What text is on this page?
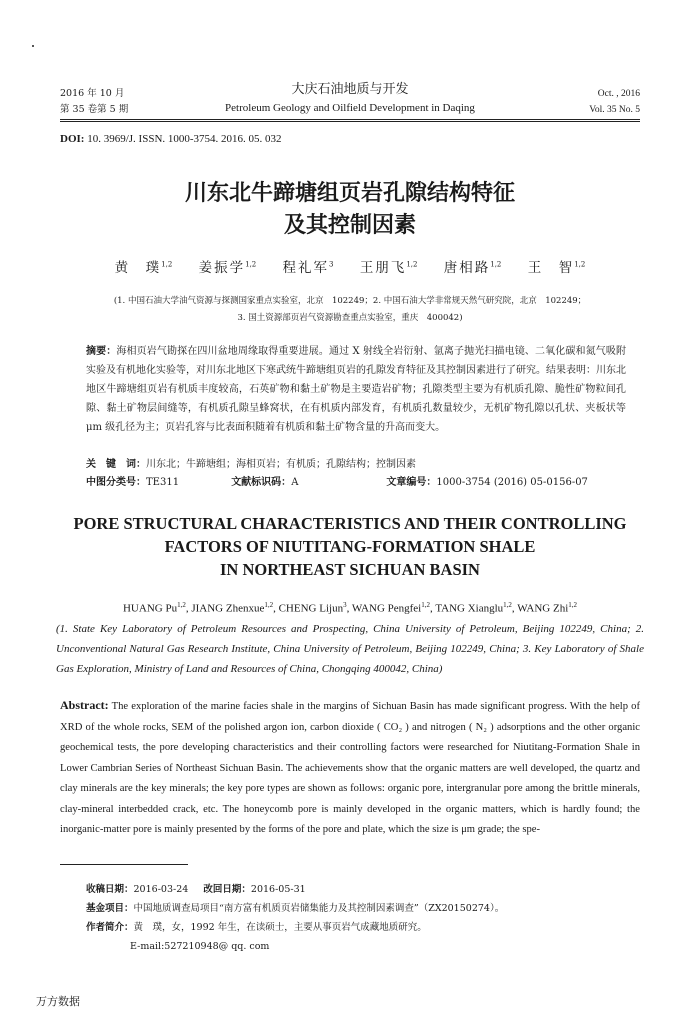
2016 年 10 月
第 35 卷第 5 期
大庆石油地质与开发
Petroleum Geology and Oilfield Development in Daqing
Oct. , 2016
Vol. 35 No. 5
DOI: 10. 3969/J. ISSN. 1000-3754. 2016. 05. 032
川东北牛蹄塘组页岩孔隙结构特征
及其控制因素
黄　璞$^{1,2}$ 姜振学$^{1,2}$ 程礼军$^3$ 王朋飞$^{1,2}$ 唐相路$^{1,2}$ 王　智$^{1,2}$
(1. 中国石油大学油气资源与探测国家重点实验室，北京　102249；2. 中国石油大学非常规天然气研究院，北京　102249；
3. 国土资源部页岩气资源勘查重点实验室，重庆　400042)
摘要：海相页岩气勘探在四川盆地周缘取得重要进展。通过 X 射线全岩衍射、氩离子抛光扫描电镜、二氧化碳和氮气吸附实验及有机地化实验等，对川东北地区下寒武统牛蹄塘组页岩的孔隙发育特征及其控制因素进行了研究。结果表明：川东北地区牛蹄塘组页岩有机质丰度较高，石英矿物和黏土矿物是主要造岩矿物；孔隙类型主要为有机质孔隙、脆性矿物粒间孔隙、黏土矿物层间缝等，有机质孔隙呈蜂窝状，在有机质内部发育，有机质孔数量较少，无机矿物孔隙以孔状、夹板状等 μm 级孔径为主；页岩孔容与比表面积随着有机质和黏土矿物含量的升高而变大。
关　键　词：川东北；牛蹄塘组；海相页岩；有机质；孔隙结构；控制因素
中图分类号：TE311	文献标识码：A	文章编号：1000-3754 (2016) 05-0156-07
PORE STRUCTURAL CHARACTERISTICS AND THEIR CONTROLLING
FACTORS OF NIUTITANG-FORMATION SHALE
IN NORTHEAST SICHUAN BASIN
HUANG Pu$^{1,2}$, JIANG Zhenxue$^{1,2}$, CHENG Lijun$^3$, WANG Pengfei$^{1,2}$, TANG Xianglu$^{1,2}$, WANG Zhi$^{1,2}$
(1. State Key Laboratory of Petroleum Resources and Prospecting, China University of Petroleum, Beijing 102249, China; 2. Unconventional Natural Gas Research Institute, China University of Petroleum, Beijing 102249, China; 3. Key Laboratory of Shale Gas Exploration, Ministry of Land and Resources of China, Chongqing 400042, China)
Abstract: The exploration of the marine facies shale in the margins of Sichuan Basin has made significant progress. With the help of XRD of the whole rocks, SEM of the polished argon ion, carbon dioxide ( CO₂ ) and nitrogen ( N₂ ) adsorptions and the other organic geochemical tests, the pore developing characteristics and their controlling factors were researched for Niutitang-Formation Shale in Lower Cambrian Series of Northeast Sichuan Basin. The achievements show that the organic matters are well developed, the quartz and clay minerals are the key minerals; the key pore types are shown as follows: organic pore, intergranular pore among the brittle minerals, clay-mineral interbedded crack, etc. The honeycomb pore is mainly developed in the organic matters, which is hardly found; the inorganic-matter pore is mainly presented by the forms of the pore and plate, which the size is μm grade; the spe-
收稿日期：2016-03-24 改回日期：2016-05-31
基金项目：中国地质调查局项目“南方富有机质页岩储集能力及其控制因素调查”（ZX20150274）。
作者简介：黄　璞，女，1992 年生，在读硕士，主要从事页岩气成藏地质研究。
E-mail:527210948@ qq. com
万方数据
